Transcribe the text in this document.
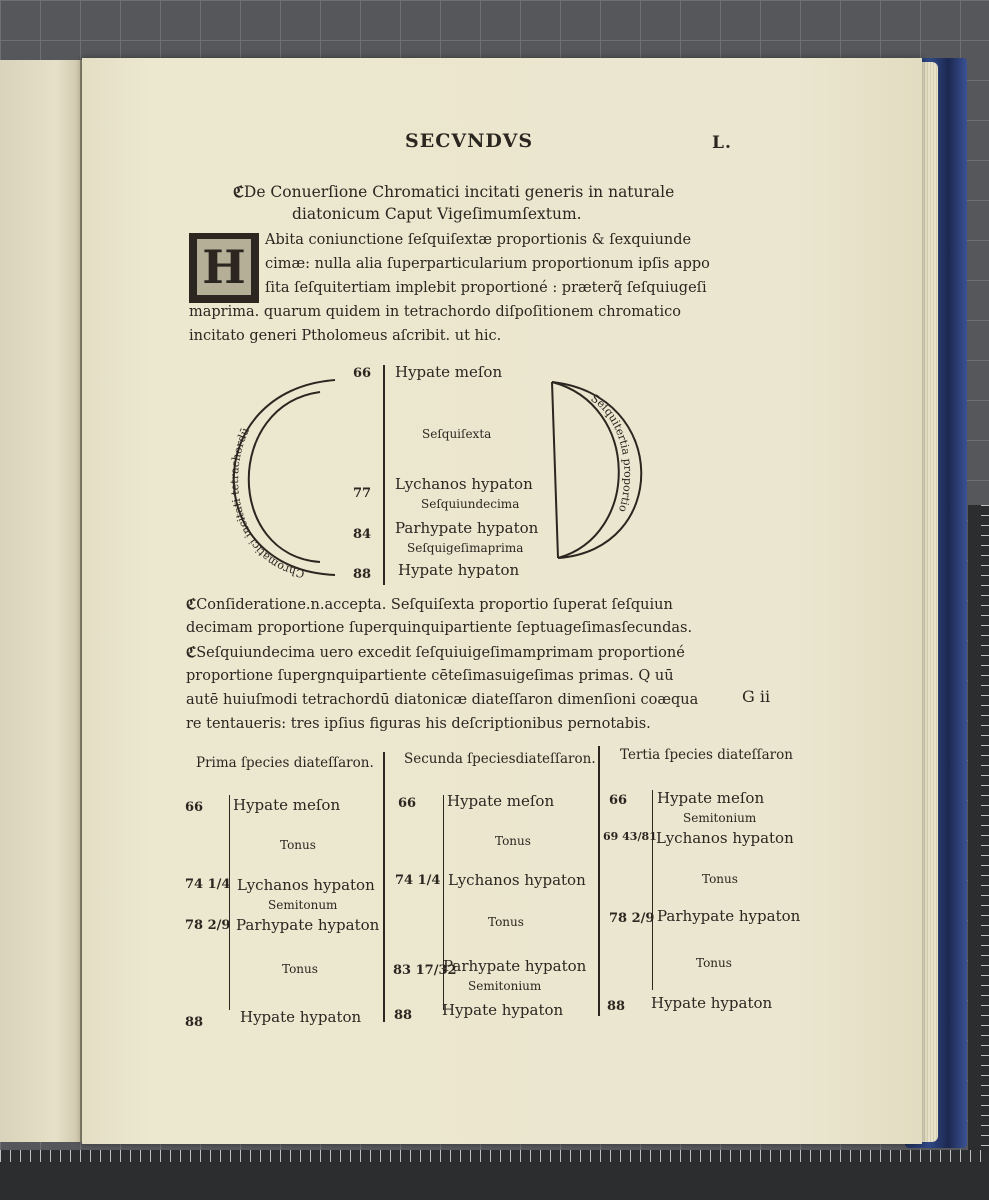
SECVNDVS	L.
ℭDe Conuerſione Chromatici incitati generis in naturale
diatonicum Caput Vigeſimumſextum.
H	Abita coniunctione ſeſquiſextæ proportionis & ſexquiunde
cimæ: nulla alia ſuperparticularium proportionum ipſis appo
ſita ſeſquitertiam implebit proportioné : præterq̃ ſeſquiugeſi
maprima. quarum quidem in tetrachordo diſpoſitionem chromatico
incitato generi Ptholomeus aſcribit. ut hic.
Chromatici incitati tetrachordū
Seſquitertia proportio
66 Hypate meſon
Seſquiſexta
77
Lychanos hypaton
Seſquiundecima
84 Parhypate hypaton
Seſquigeſimaprima
88 Hypate hypaton
ℭConſideratione.n.accepta. Seſquiſexta proportio ſuperat ſeſquiun
decimam proportione ſuperquinquipartiente ſeptuageſimasſecundas.
ℭSeſquiundecima uero excedit ſeſquiuigeſimamprimam proportioné
proportione ſupergnquipartiente cēteſimasuigeſimas primas. Q uū
autē huiuſmodi tetrachordū diatonicæ diateſſaron dimenſioni coæqua
re tentaueris: tres ipſius figuras his deſcriptionibus pernotabis.
G ii
Prima ſpecies diateſſaron.
66 Hypate meſon
Tonus
74 1/4 Lychanos hypaton
Semitonum
78 2/9 Parhypate hypaton
Tonus
88 Hypate hypaton
Secunda ſpeciesdiateſſaron.
66 Hypate meſon
Tonus
74 1/4 Lychanos hypaton
Tonus
83 17/32
Parhypate hypaton
Semitonium
88 Hypate hypaton
Tertia ſpecies diateſſaron
66 Hypate meſon
Semitonium
69 43/81 Lychanos hypaton
Tonus
78 2/9 Parhypate hypaton
Tonus
88 Hypate hypaton
